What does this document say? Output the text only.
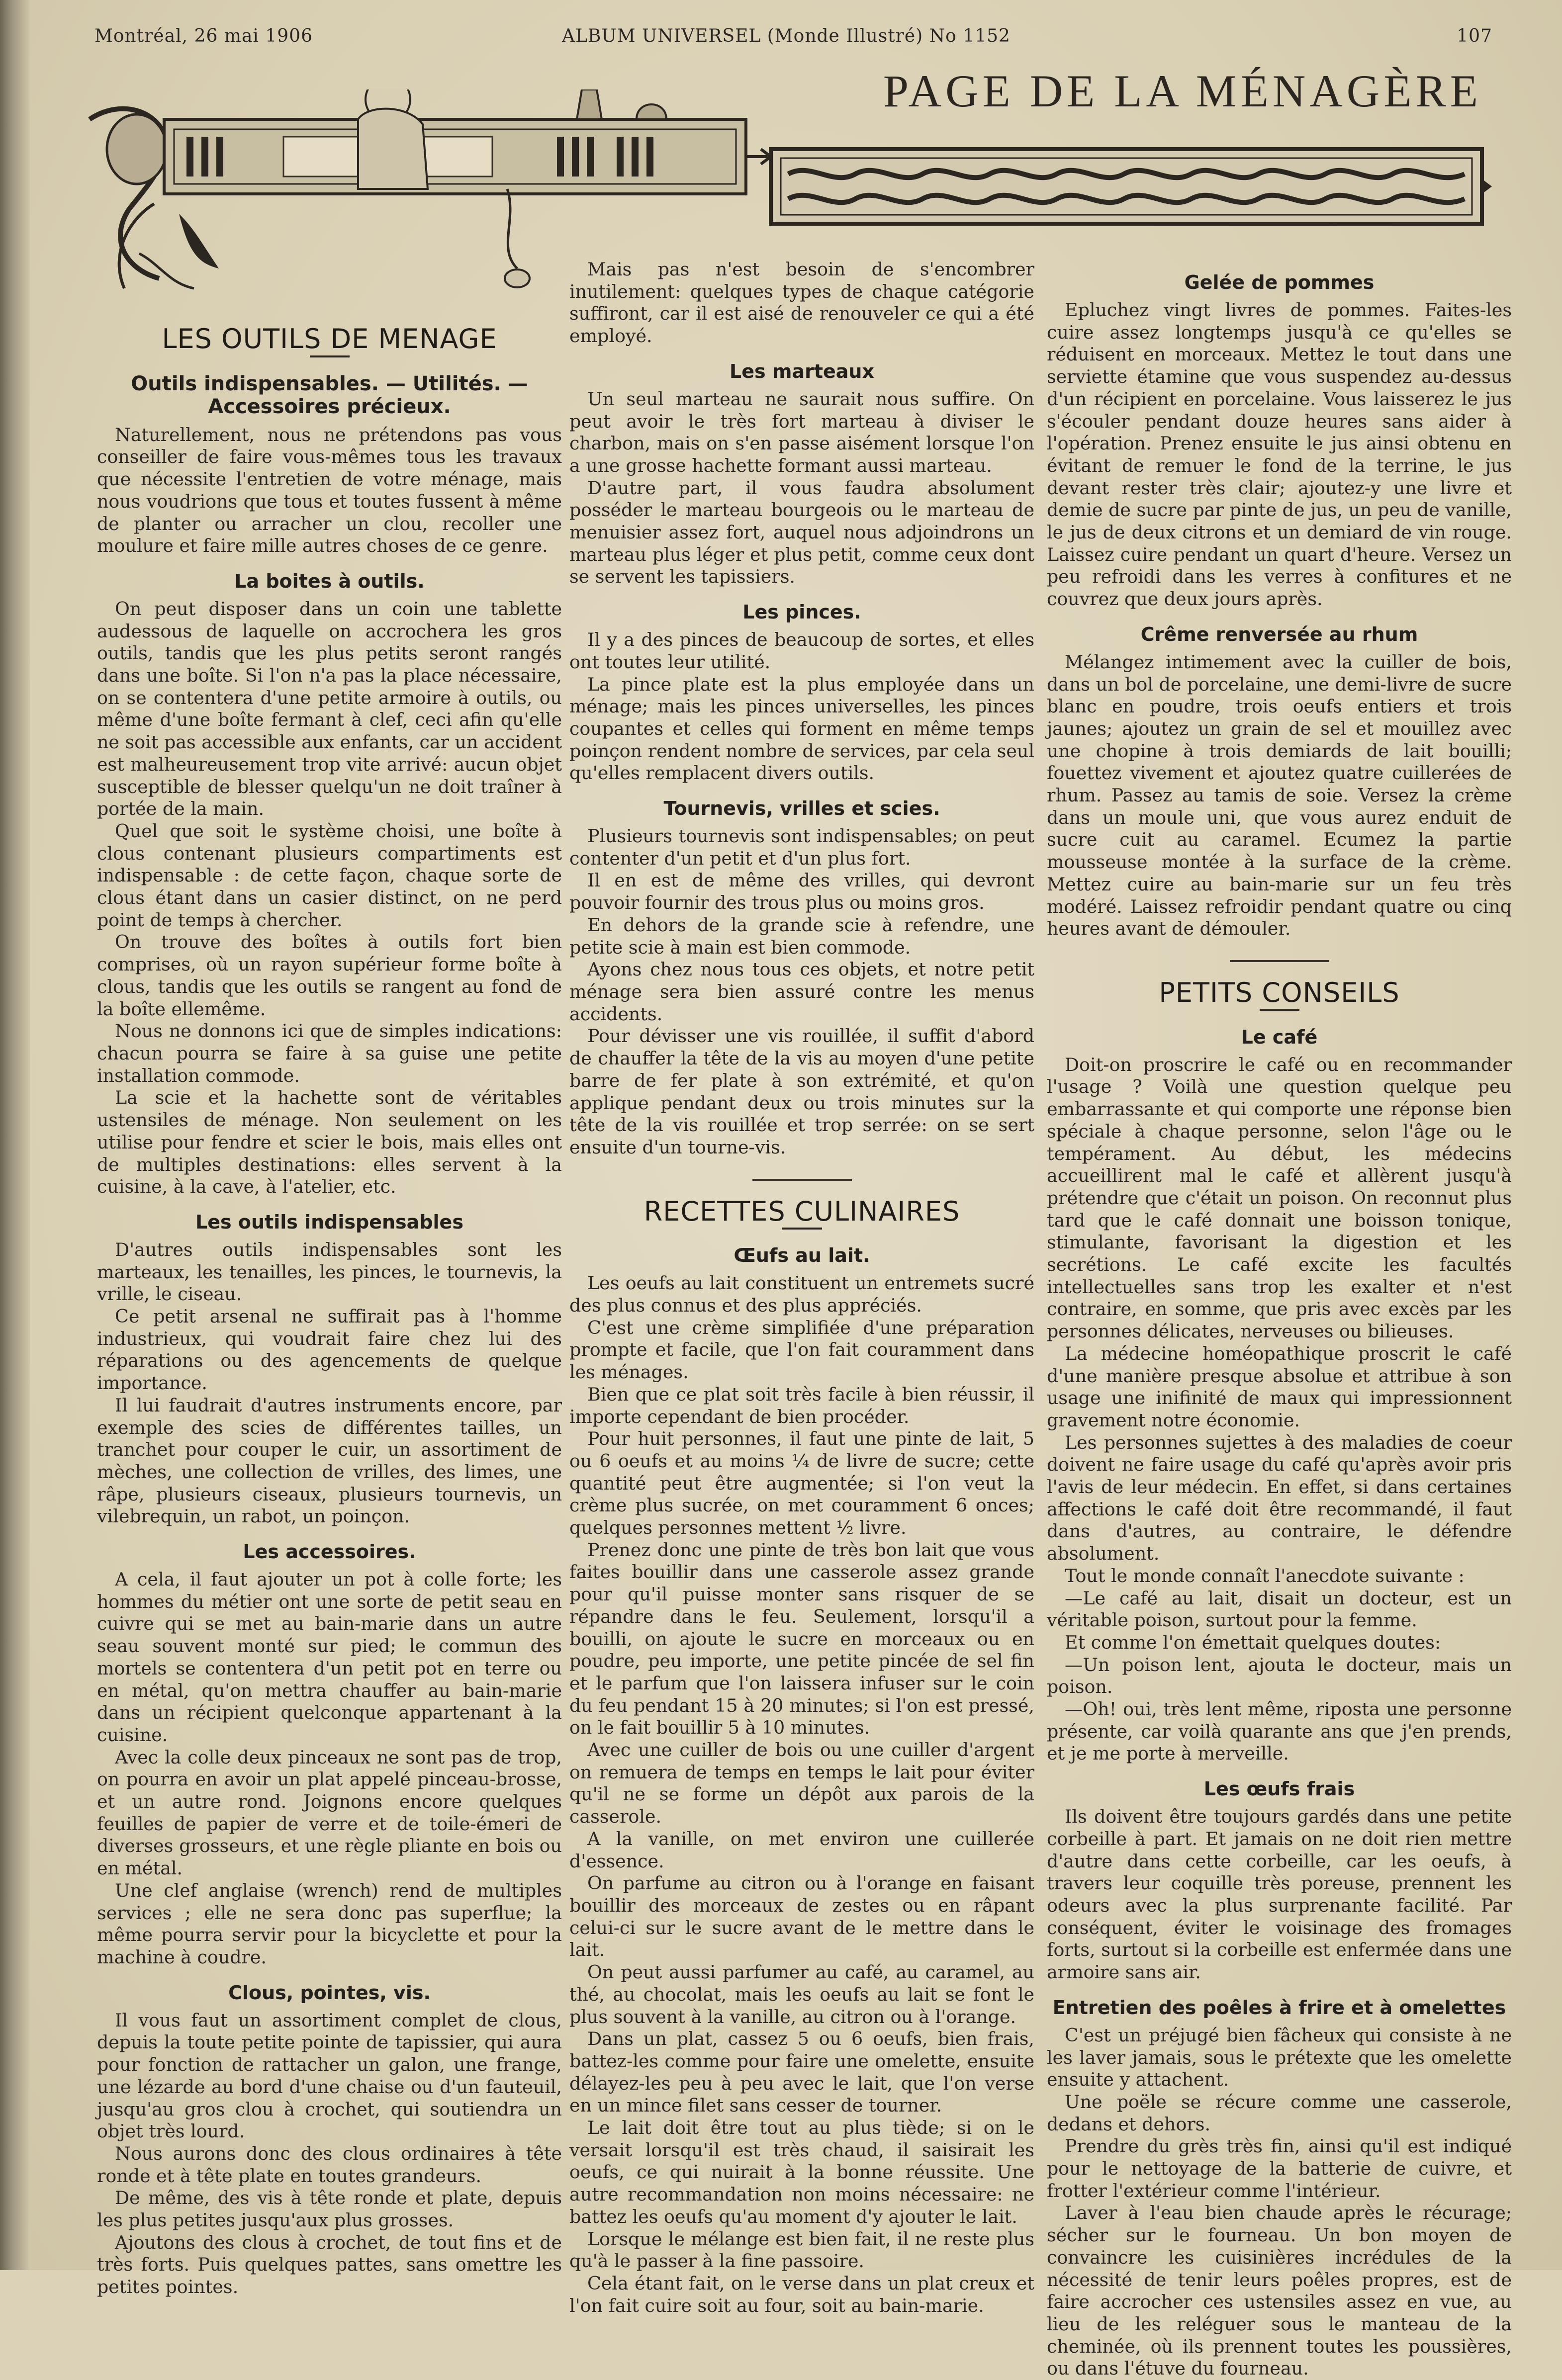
Montréal, 26 mai 1906	ALBUM UNIVERSEL (Monde Illustré) No 1152	107
PAGE DE LA MÉNAGÈRE
LES OUTILS DE MENAGE
Outils indispensables. — Utilités. — Accessoires précieux.

Naturellement, nous ne prétendons pas vous conseiller de faire vous-mêmes tous les travaux que nécessite l'entretien de votre ménage, mais nous voudrions que tous et toutes fussent à même de planter ou arracher un clou, recoller une moulure et faire mille autres choses de ce genre.

La boites à outils.

On peut disposer dans un coin une tablette audessous de laquelle on accrochera les gros outils, tandis que les plus petits seront rangés dans une boîte. Si l'on n'a pas la place nécessaire, on se contentera d'une petite armoire à outils, ou même d'une boîte fermant à clef, ceci afin qu'elle ne soit pas accessible aux enfants, car un accident est malheureusement trop vite arrivé: aucun objet susceptible de blesser quelqu'un ne doit traîner à portée de la main.

Quel que soit le système choisi, une boîte à clous contenant plusieurs compartiments est indispensable : de cette façon, chaque sorte de clous étant dans un casier distinct, on ne perd point de temps à chercher.

On trouve des boîtes à outils fort bien comprises, où un rayon supérieur forme boîte à clous, tandis que les outils se rangent au fond de la boîte ellemême.

Nous ne donnons ici que de simples indications: chacun pourra se faire à sa guise une petite installation commode.

La scie et la hachette sont de véritables ustensiles de ménage. Non seulement on les utilise pour fendre et scier le bois, mais elles ont de multiples destinations: elles servent à la cuisine, à la cave, à l'atelier, etc.

Les outils indispensables

D'autres outils indispensables sont les marteaux, les tenailles, les pinces, le tournevis, la vrille, le ciseau.

Ce petit arsenal ne suffirait pas à l'homme industrieux, qui voudrait faire chez lui des réparations ou des agencements de quelque importance.

Il lui faudrait d'autres instruments encore, par exemple des scies de différentes tailles, un tranchet pour couper le cuir, un assortiment de mèches, une collection de vrilles, des limes, une râpe, plusieurs ciseaux, plusieurs tournevis, un vilebrequin, un rabot, un poinçon.

Les accessoires.

A cela, il faut ajouter un pot à colle forte; les hommes du métier ont une sorte de petit seau en cuivre qui se met au bain-marie dans un autre seau souvent monté sur pied; le commun des mortels se contentera d'un petit pot en terre ou en métal, qu'on mettra chauffer au bain-marie dans un récipient quelconque appartenant à la cuisine.

Avec la colle deux pinceaux ne sont pas de trop, on pourra en avoir un plat appelé pinceau-brosse, et un autre rond. Joignons encore quelques feuilles de papier de verre et de toile-émeri de diverses grosseurs, et une règle pliante en bois ou en métal.

Une clef anglaise (wrench) rend de multiples services ; elle ne sera donc pas superflue; la même pourra servir pour la bicyclette et pour la machine à coudre.

Clous, pointes, vis.

Il vous faut un assortiment complet de clous, depuis la toute petite pointe de tapissier, qui aura pour fonction de rattacher un galon, une frange, une lézarde au bord d'une chaise ou d'un fauteuil, jusqu'au gros clou à crochet, qui soutiendra un objet très lourd.

Nous aurons donc des clous ordinaires à tête ronde et à tête plate en toutes grandeurs.

De même, des vis à tête ronde et plate, depuis les plus petites jusqu'aux plus grosses.

Ajoutons des clous à crochet, de tout fins et de très forts. Puis quelques pattes, sans omettre les petites pointes.

Mais pas n'est besoin de s'encombrer inutilement: quelques types de chaque catégorie suffiront, car il est aisé de renouveler ce qui a été employé.

Les marteaux

Un seul marteau ne saurait nous suffire. On peut avoir le très fort marteau à diviser le charbon, mais on s'en passe aisément lorsque l'on a une grosse hachette formant aussi marteau.

D'autre part, il vous faudra absolument posséder le marteau bourgeois ou le marteau de menuisier assez fort, auquel nous adjoindrons un marteau plus léger et plus petit, comme ceux dont se servent les tapissiers.

Les pinces.

Il y a des pinces de beaucoup de sortes, et elles ont toutes leur utilité.

La pince plate est la plus employée dans un ménage; mais les pinces universelles, les pinces coupantes et celles qui forment en même temps poinçon rendent nombre de services, par cela seul qu'elles remplacent divers outils.

Tournevis, vrilles et scies.

Plusieurs tournevis sont indispensables; on peut contenter d'un petit et d'un plus fort.

Il en est de même des vrilles, qui devront pouvoir fournir des trous plus ou moins gros.

En dehors de la grande scie à refendre, une petite scie à main est bien commode.

Ayons chez nous tous ces objets, et notre petit ménage sera bien assuré contre les menus accidents.

Pour dévisser une vis rouillée, il suffit d'abord de chauffer la tête de la vis au moyen d'une petite barre de fer plate à son extrémité, et qu'on applique pendant deux ou trois minutes sur la tête de la vis rouillée et trop serrée: on se sert ensuite d'un tourne-vis.

RECETTES CULINAIRES
Œufs au lait.

Les oeufs au lait constituent un entremets sucré des plus connus et des plus appréciés.

C'est une crème simplifiée d'une préparation prompte et facile, que l'on fait couramment dans les ménages.

Bien que ce plat soit très facile à bien réussir, il importe cependant de bien procéder.

Pour huit personnes, il faut une pinte de lait, 5 ou 6 oeufs et au moins ¼ de livre de sucre; cette quantité peut être augmentée; si l'on veut la crème plus sucrée, on met couramment 6 onces; quelques personnes mettent ½ livre.

Prenez donc une pinte de très bon lait que vous faites bouillir dans une casserole assez grande pour qu'il puisse monter sans risquer de se répandre dans le feu. Seulement, lorsqu'il a bouilli, on ajoute le sucre en morceaux ou en poudre, peu importe, une petite pincée de sel fin et le parfum que l'on laissera infuser sur le coin du feu pendant 15 à 20 minutes; si l'on est pressé, on le fait bouillir 5 à 10 minutes.

Avec une cuiller de bois ou une cuiller d'argent on remuera de temps en temps le lait pour éviter qu'il ne se forme un dépôt aux parois de la casserole.

A la vanille, on met environ une cuillerée d'essence.

On parfume au citron ou à l'orange en faisant bouillir des morceaux de zestes ou en râpant celui-ci sur le sucre avant de le mettre dans le lait.

On peut aussi parfumer au café, au caramel, au thé, au chocolat, mais les oeufs au lait se font le plus souvent à la vanille, au citron ou à l'orange.

Dans un plat, cassez 5 ou 6 oeufs, bien frais, battez-les comme pour faire une omelette, ensuite délayez-les peu à peu avec le lait, que l'on verse en un mince filet sans cesser de tourner.

Le lait doit être tout au plus tiède; si on le versait lorsqu'il est très chaud, il saisirait les oeufs, ce qui nuirait à la bonne réussite. Une autre recommandation non moins nécessaire: ne battez les oeufs qu'au moment d'y ajouter le lait.

Lorsque le mélange est bien fait, il ne reste plus qu'à le passer à la fine passoire.

Cela étant fait, on le verse dans un plat creux et l'on fait cuire soit au four, soit au bain-marie.

Gelée de pommes

Epluchez vingt livres de pommes. Faites-les cuire assez longtemps jusqu'à ce qu'elles se réduisent en morceaux. Mettez le tout dans une serviette étamine que vous suspendez au-dessus d'un récipient en porcelaine. Vous laisserez le jus s'écouler pendant douze heures sans aider à l'opération. Prenez ensuite le jus ainsi obtenu en évitant de remuer le fond de la terrine, le jus devant rester très clair; ajoutez-y une livre et demie de sucre par pinte de jus, un peu de vanille, le jus de deux citrons et un demiard de vin rouge. Laissez cuire pendant un quart d'heure. Versez un peu refroidi dans les verres à confitures et ne couvrez que deux jours après.

Crême renversée au rhum

Mélangez intimement avec la cuiller de bois, dans un bol de porcelaine, une demi-livre de sucre blanc en poudre, trois oeufs entiers et trois jaunes; ajoutez un grain de sel et mouillez avec une chopine à trois demiards de lait bouilli; fouettez vivement et ajoutez quatre cuillerées de rhum. Passez au tamis de soie. Versez la crème dans un moule uni, que vous aurez enduit de sucre cuit au caramel. Ecumez la partie mousseuse montée à la surface de la crème. Mettez cuire au bain-marie sur un feu très modéré. Laissez refroidir pendant quatre ou cinq heures avant de démouler.

PETITS CONSEILS
Le café

Doit-on proscrire le café ou en recommander l'usage ? Voilà une question quelque peu embarrassante et qui comporte une réponse bien spéciale à chaque personne, selon l'âge ou le tempérament. Au début, les médecins accueillirent mal le café et allèrent jusqu'à prétendre que c'était un poison. On reconnut plus tard que le café donnait une boisson tonique, stimulante, favorisant la digestion et les secrétions. Le café excite les facultés intellectuelles sans trop les exalter et n'est contraire, en somme, que pris avec excès par les personnes délicates, nerveuses ou bilieuses.

La médecine homéopathique proscrit le café d'une manière presque absolue et attribue à son usage une inifinité de maux qui impressionnent gravement notre économie.

Les personnes sujettes à des maladies de coeur doivent ne faire usage du café qu'après avoir pris l'avis de leur médecin. En effet, si dans certaines affections le café doit être recommandé, il faut dans d'autres, au contraire, le défendre absolument.

Tout le monde connaît l'anecdote suivante :

—Le café au lait, disait un docteur, est un véritable poison, surtout pour la femme.

Et comme l'on émettait quelques doutes:

—Un poison lent, ajouta le docteur, mais un poison.

—Oh! oui, très lent même, riposta une personne présente, car voilà quarante ans que j'en prends, et je me porte à merveille.

Les œufs frais

Ils doivent être toujours gardés dans une petite corbeille à part. Et jamais on ne doit rien mettre d'autre dans cette corbeille, car les oeufs, à travers leur coquille très poreuse, prennent les odeurs avec la plus surprenante facilité. Par conséquent, éviter le voisinage des fromages forts, surtout si la corbeille est enfermée dans une armoire sans air.

Entretien des poêles à frire et à omelettes

C'est un préjugé bien fâcheux qui consiste à ne les laver jamais, sous le prétexte que les omelette ensuite y attachent.

Une poële se récure comme une casserole, dedans et dehors.

Prendre du grès très fin, ainsi qu'il est indiqué pour le nettoyage de la batterie de cuivre, et frotter l'extérieur comme l'intérieur.

Laver à l'eau bien chaude après le récurage; sécher sur le fourneau. Un bon moyen de convaincre les cuisinières incrédules de la nécessité de tenir leurs poêles propres, est de faire accrocher ces ustensiles assez en vue, au lieu de les reléguer sous le manteau de la cheminée, où ils prennent toutes les poussières, ou dans l'étuve du fourneau.
